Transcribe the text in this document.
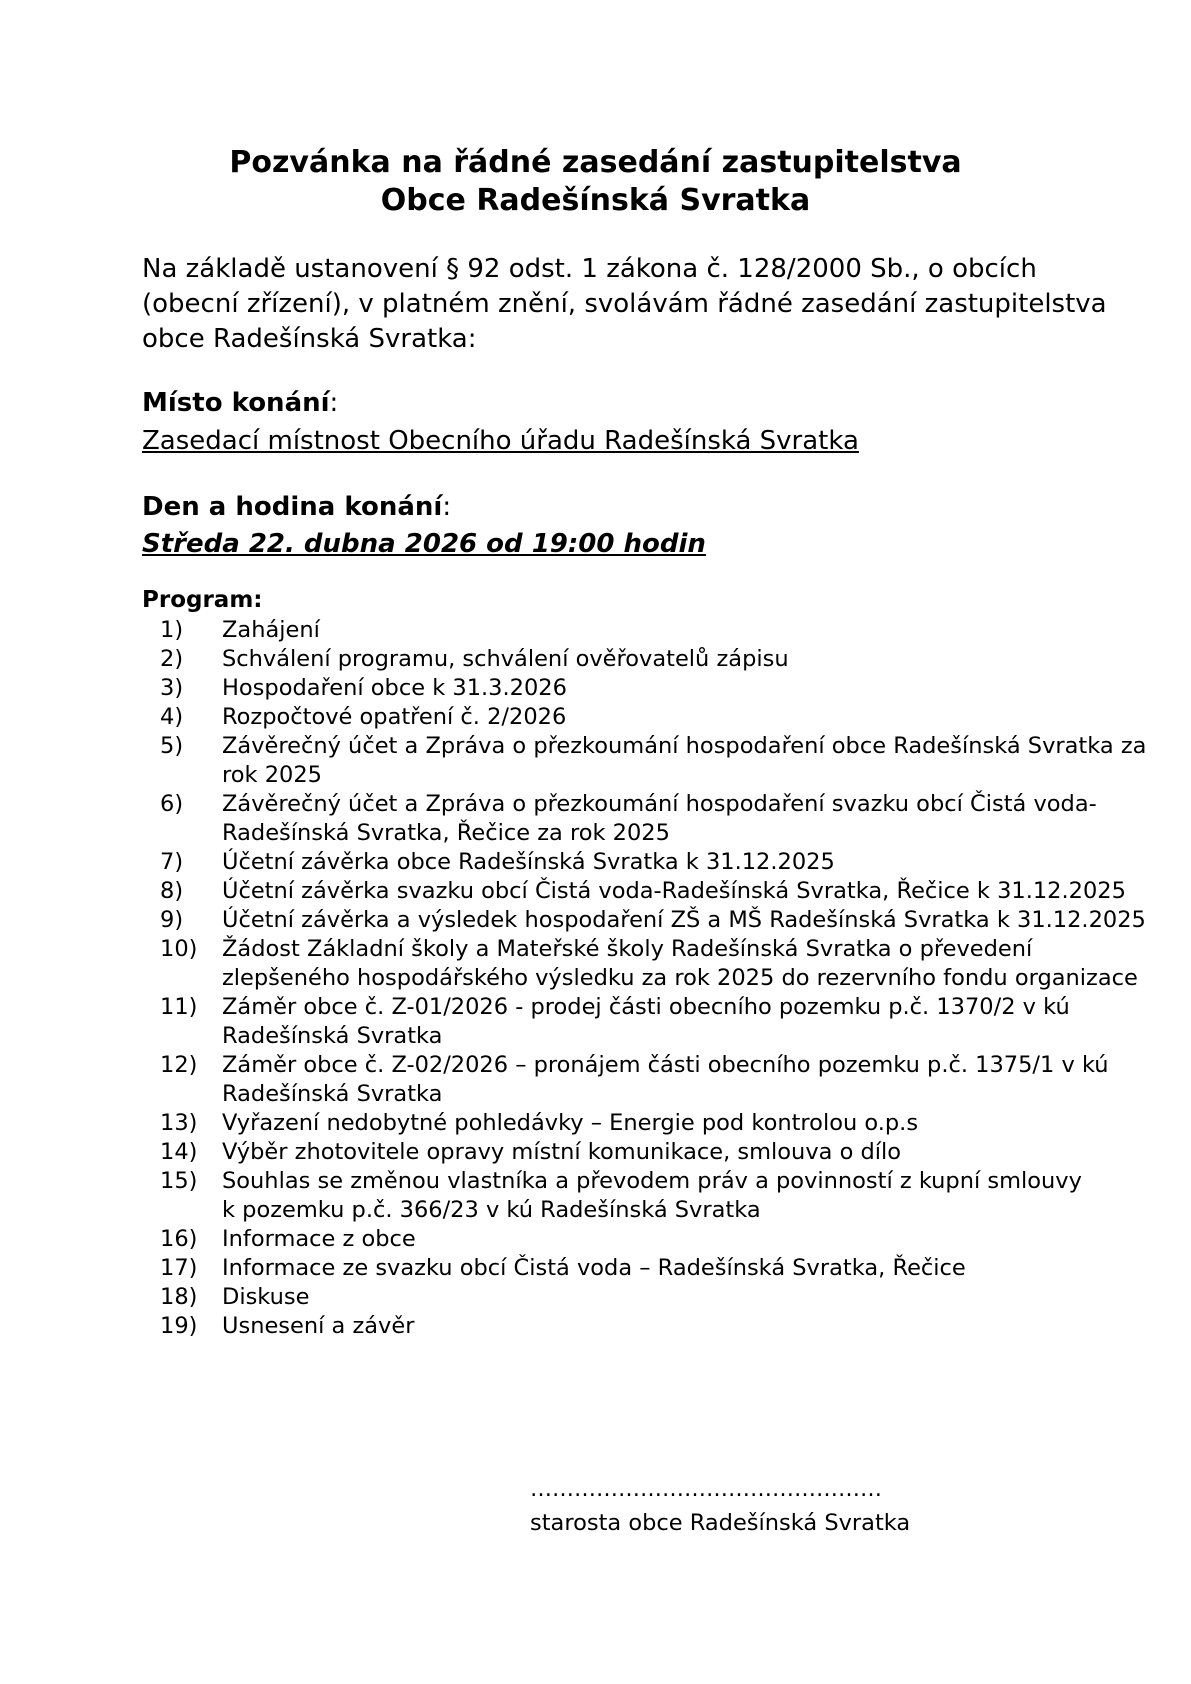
Pozvánka na řádné zasedání zastupitelstva
Obce Radešínská Svratka

Na základě ustanovení § 92 odst. 1 zákona č. 128/2000 Sb., o obcích
(obecní zřízení), v platném znění, svolávám řádné zasedání zastupitelstva
obce Radešínská Svratka:

Místo konání:
Zasedací místnost Obecního úřadu Radešínská Svratka
Den a hodina konání:
Středa 22. dubna 2026 od 19:00 hodin
Program:
1)	Zahájení
2)	Schválení programu, schválení ověřovatelů zápisu
3)	Hospodaření obce k 31.3.2026
4)	Rozpočtové opatření č. 2/2026
5)	Závěrečný účet a Zpráva o přezkoumání hospodaření obce Radešínská Svratka za
rok 2025
6)	Závěrečný účet a Zpráva o přezkoumání hospodaření svazku obcí Čistá voda-
Radešínská Svratka, Řečice za rok 2025
7)	Účetní závěrka obce Radešínská Svratka k 31.12.2025
8)	Účetní závěrka svazku obcí Čistá voda-Radešínská Svratka, Řečice k 31.12.2025
9)	Účetní závěrka a výsledek hospodaření ZŠ a MŠ Radešínská Svratka k 31.12.2025
10)	Žádost Základní školy a Mateřské školy Radešínská Svratka o převedení
zlepšeného hospodářského výsledku za rok 2025 do rezervního fondu organizace
11)	Záměr obce č. Z-01/2026 - prodej části obecního pozemku p.č. 1370/2 v kú
Radešínská Svratka
12)	Záměr obce č. Z-02/2026 – pronájem části obecního pozemku p.č. 1375/1 v kú
Radešínská Svratka
13)	Vyřazení nedobytné pohledávky – Energie pod kontrolou o.p.s
14)	Výběr zhotovitele opravy místní komunikace, smlouva o dílo
15)	Souhlas se změnou vlastníka a převodem práv a povinností z kupní smlouvy
k pozemku p.č. 366/23 v kú Radešínská Svratka
16)	Informace z obce
17)	Informace ze svazku obcí Čistá voda – Radešínská Svratka, Řečice
18)	Diskuse
19)	Usnesení a závěr
…………………………………………
starosta obce Radešínská Svratka
